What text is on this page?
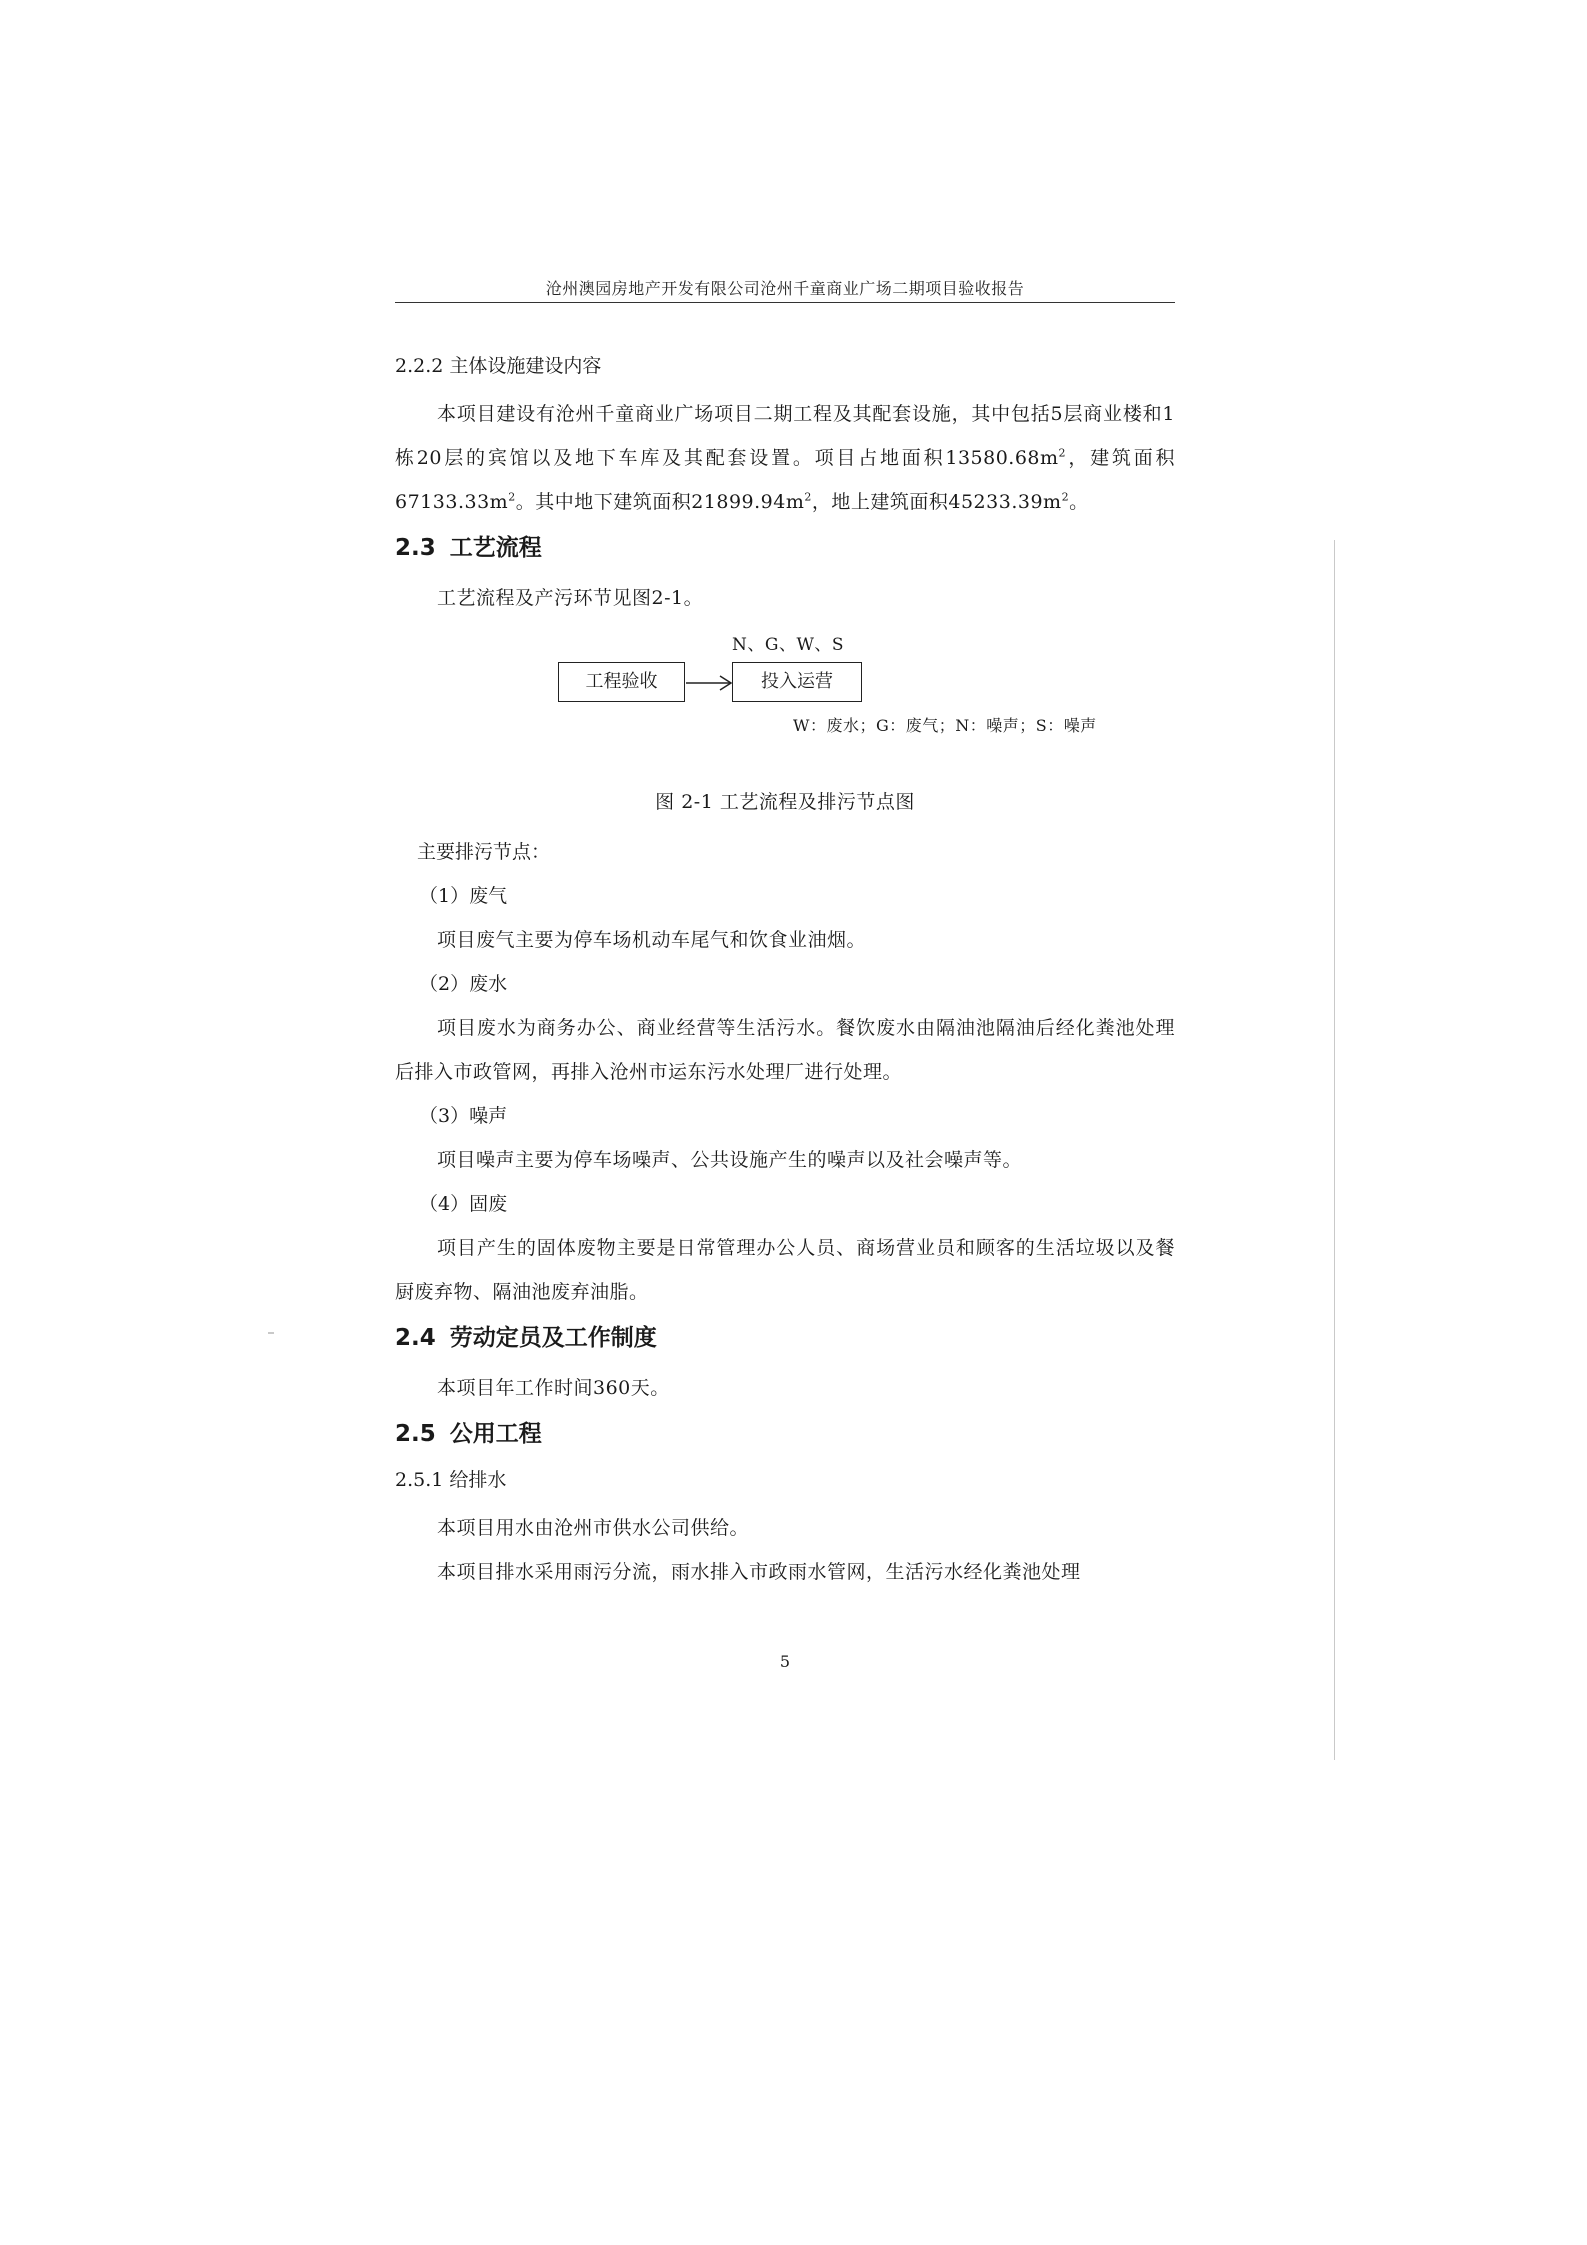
沧州澳园房地产开发有限公司沧州千童商业广场二期项目验收报告

2.2.2 主体设施建设内容

本项目建设有沧州千童商业广场项目二期工程及其配套设施，其中包括5层商业楼和1栋20层的宾馆以及地下车库及其配套设置。项目占地面积$13580.68m^2$，建筑面积$67133.33m^2$。其中地下建筑面积$21899.94m^2$，地上建筑面积$45233.39m^2$。

2.3 工艺流程

工艺流程及产污环节见图2-1。

N、G、W、S
工程验收	投入运营
W：废水；G：废气；N：噪声；S：噪声
图 2-1 工艺流程及排污节点图

主要排污节点：

（1）废气

项目废气主要为停车场机动车尾气和饮食业油烟。

（2）废水

项目废水为商务办公、商业经营等生活污水。餐饮废水由隔油池隔油后经化粪池处理后排入市政管网，再排入沧州市运东污水处理厂进行处理。

（3）噪声

项目噪声主要为停车场噪声、公共设施产生的噪声以及社会噪声等。

（4）固废

项目产生的固体废物主要是日常管理办公人员、商场营业员和顾客的生活垃圾以及餐厨废弃物、隔油池废弃油脂。

2.4 劳动定员及工作制度

本项目年工作时间360天。

2.5 公用工程

2.5.1 给排水

本项目用水由沧州市供水公司供给。

本项目排水采用雨污分流，雨水排入市政雨水管网，生活污水经化粪池处理

5
